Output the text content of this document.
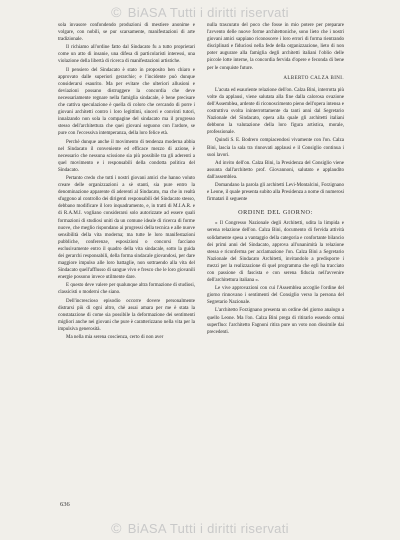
© BiASA Tutti i diritti riservati

sola invasore confondendo produzioni di mestiere anonime e volgare, con nobili, se pur scarsamente, manifestazioni di arte tradizionale.

Il richiamo all'ordine fatto dal Sindacato fu a tutto proprietari come un atto di insanie, una difesa di particolaristi interessi, una violazione della libertà di ricerca di manifestazioni artistiche.

Il pensiero del Sindacato è stato in proposito ben chiaro e approvato dalle superiori gerarchie; e l'incidente può dunque considerarsi esaurito. Ma per evitare che ulteriori allusioni e deviazioni possano distruggere la concordia che deve necessariamente regnare nella famiglia sindacale, è bene precisare che cattiva speculazione è quella di coloro che cercando di porre i giovani architetti contro i loro legittimi, sinceri e convinti tutori, innalzando non sola la compagine del sindacato ma il progresso stesso dell'architettura che quei giovani seguono con l'ardore, se pure con l'eccessiva intemperanza, della loro felice età.

Perchè dunque anche il movimento di tendenza moderna abbia nel Sindacato il conveniente ed efficace mezzo di azione, è necessario che nessuna scissione sia più possibile tra gli aderenti a quel movimento e i responsabili della condotta politica del Sindacato.

Pertanto credo che tutti i nostri giovani amici che hanno voluto creare delle organizzazioni a sè stanti, sia pure entro la denominazione apparente di aderenti al Sindacato, ma che in realtà sfuggono al controllo dei dirigenti responsabili del Sindacato stesso, debbano modificare il loro inquadramento, e, in tratti di M.I.A.R. e di R.A.M.I. vogliano considerarsi solo autorizzate ad essere quali formazioni di studiosi uniti da un comune ideale di ricerca di forme nuove, che meglio rispondano ai progressi della tecnica e alle nuove sensibilità della vita moderna; ma tutte le loro manifestazioni pubbliche, conferenze, esposizioni o concorsi facciano esclusivamente entro il quadro della vita sindacale, sotto la guida dei gerarchi responsabili, della forma sindacale giovandosi, per dare maggiore impulso alle loro battaglie, non sottraendo alla vita del Sindacato quell'afflusso di sangue vivo e fresco che le loro giovanili energie possono invece utilmente dare.

E questo deve valere per qualunque altra formazione di studiosi, classicisti o moderni che siano.

Dell'increscioso episodio occorre dovere personalmente distrarsi più di ogni altro, chè assai amara per me è stata la constatazione di come sia possibile la deformazione dei sentimenti migliori anche nei giovani che pure è caratterizzano nella vita per la impulsiva generosità.

Ma nella mia serena coscienza, certo di non aver

nulla trascurato del poco che fosse in mio potere per preparare l'avvento delle nuove forme architettoniche, sono lieto che i nostri giovani amici sappiano riconoscere i loro errori di forma rientrando disciplinati e fiduciosi nella fede della organizzazione, lieto di non poter augurare alla famiglia degli architetti italiani l'oblio delle piccole lotte interne, la concordia fervida d'opere e feconda di bene per le conquiste future.

ALBERTO CALZA BINI.

L'acuta ed esauriente relazione dell'on. Calza Bini, interrotta più volte da applausi, viene salutata alla fine dalla calorosa ovazione dell'Assemblea, ardente di riconoscimento pieno dell'opera intensa e costruttiva svolta ininterrottamente da tanti anni dal Segretario Nazionale del Sindacato, opera alla quale gli architetti italiani debbono la valutazione della loro figura artistica, morale, professionale.

Quindi S. E. Bodrero compiacendosi vivamente con l'on. Calza Bini, lascia la sala tra rinnovati applausi e il Consiglio continua i suoi lavori.

Ad invito dell'on. Calza Bini, la Presidenza del Consiglio viene assunta dall'architetto prof. Giovannoni, salutato e applaudito dall'assemblea.

Domandano la parola gli architetti Levi-Montalcini, Forzignano e Leone, il quale presenta subito alla Presidenza a nome di numerosi firmatari il seguente

ORDINE DEL GIORNO:

« Il Congresso Nazionale degli Architetti, udita la limpida e serena relazione dell'on. Calza Bini, documento di fervida attività solidamente spesa a vantaggio della categoria e confortante bilancio dei primi anni del Sindacato, approva all'unanimità la relazione stessa e riconferma per acclamazione l'on. Calza Bini a Segretario Nazionale del Sindacato Architetti, invitandolo a predisporre i mezzi per la realizzazione di quel programma che egli ha tracciato con passione di fascista e con serena fiducia nell'avvenire dell'architettura italiana ».

Le vive approvazioni con cui l'Assemblea accoglie l'ordine del giorno rinnovano i sentimenti del Consiglio verso la persona del Segretario Nazionale.

L'architetto Forzignano presenta un ordine del giorno analogo a quello Leone. Ma l'on. Calza Bini prega di ritirarlo essendo ormai superfluo: l'architetto Fagnoni ritira pure un voto non dissimile dai precedenti.

636
© BiASA Tutti i diritti riservati
